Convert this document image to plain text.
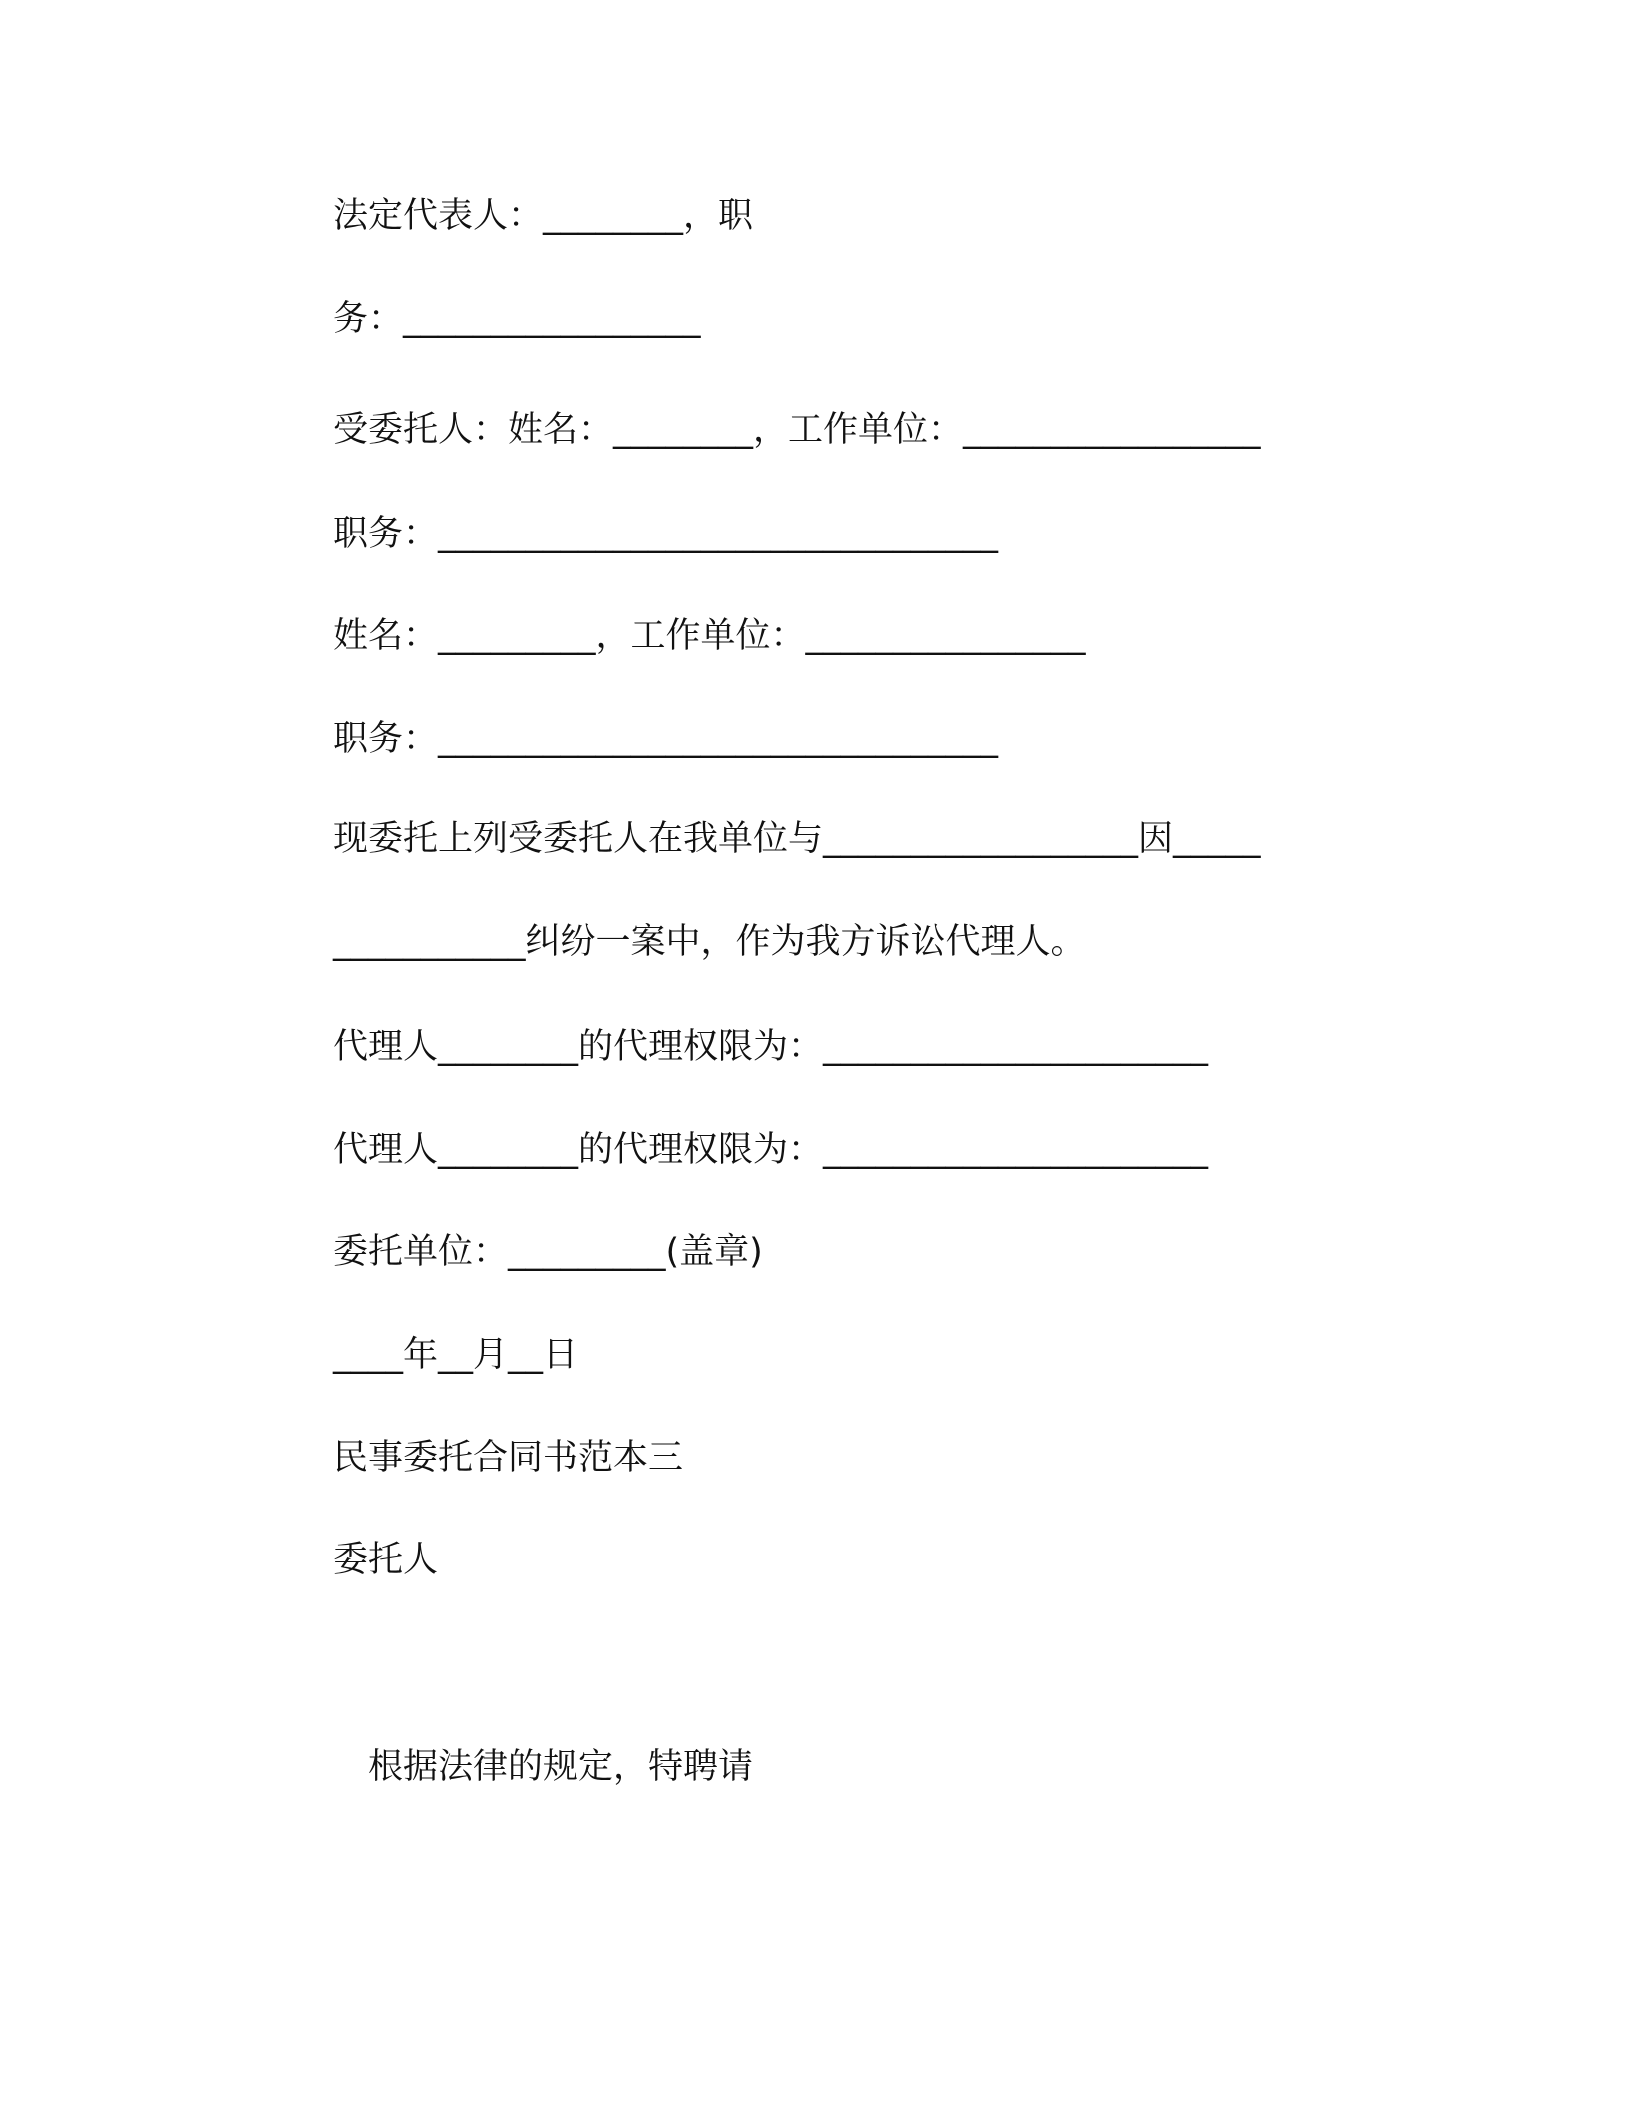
法定代表人：________，职
务：_________________
受委托人：姓名：________，工作单位：_________________
职务：________________________________
姓名：_________，工作单位：________________
职务：________________________________
现委托上列受委托人在我单位与__________________因_____
___________纠纷一案中，作为我方诉讼代理人。
代理人________的代理权限为：______________________
代理人________的代理权限为：______________________
委托单位：_________(盖章)
____年__月__日
民事委托合同书范本三
委托人
根据法律的规定，特聘请
